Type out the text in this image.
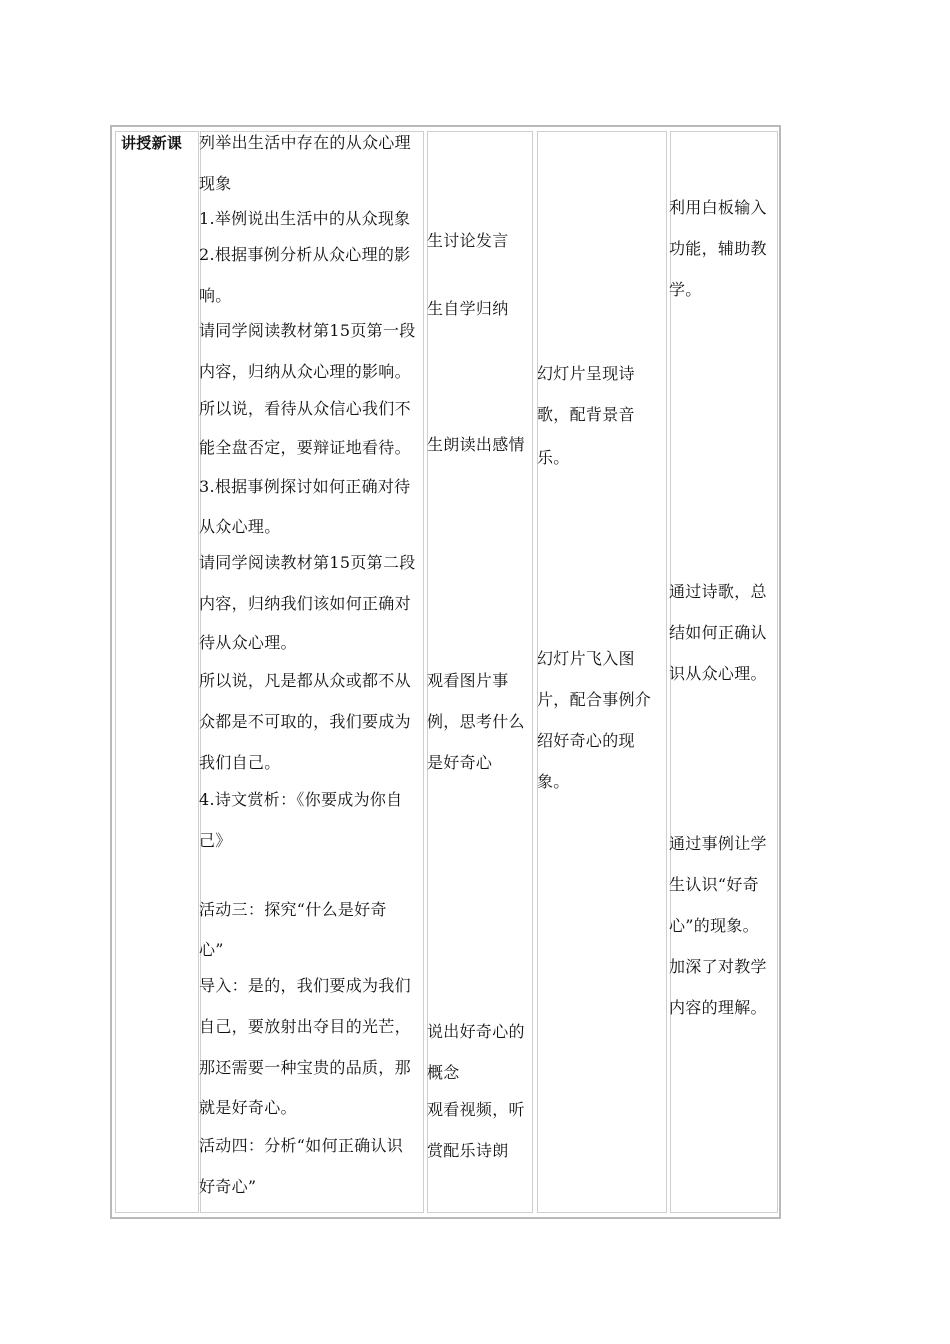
讲授新课 列举出生活中存在的从众心理
现象
1.举例说出生活中的从众现象
2.根据事例分析从众心理的影
响。
请同学阅读教材第15页第一段
内容，归纳从众心理的影响。
所以说，看待从众信心我们不
能全盘否定，要辩证地看待。
3.根据事例探讨如何正确对待
从众心理。
请同学阅读教材第15页第二段
内容，归纳我们该如何正确对
待从众心理。
所以说，凡是都从众或都不从
众都是不可取的，我们要成为
我们自己。
4.诗文赏析：《你要成为你自
己》
活动三：探究“什么是好奇
心”
导入：是的，我们要成为我们
自己，要放射出夺目的光芒，
那还需要一种宝贵的品质，那
就是好奇心。
活动四：分析“如何正确认识
好奇心”
生讨论发言
生自学归纳
生朗读出感情
观看图片事
例，思考什么
是好奇心
说出好奇心的
概念
观看视频，听
赏配乐诗朗
幻灯片呈现诗
歌，配背景音
乐。
幻灯片飞入图
片，配合事例介
绍好奇心的现
象。
利用白板输入
功能，辅助教
学。
通过诗歌，总
结如何正确认
识从众心理。
通过事例让学
生认识“好奇
心”的现象。
加深了对教学
内容的理解。
